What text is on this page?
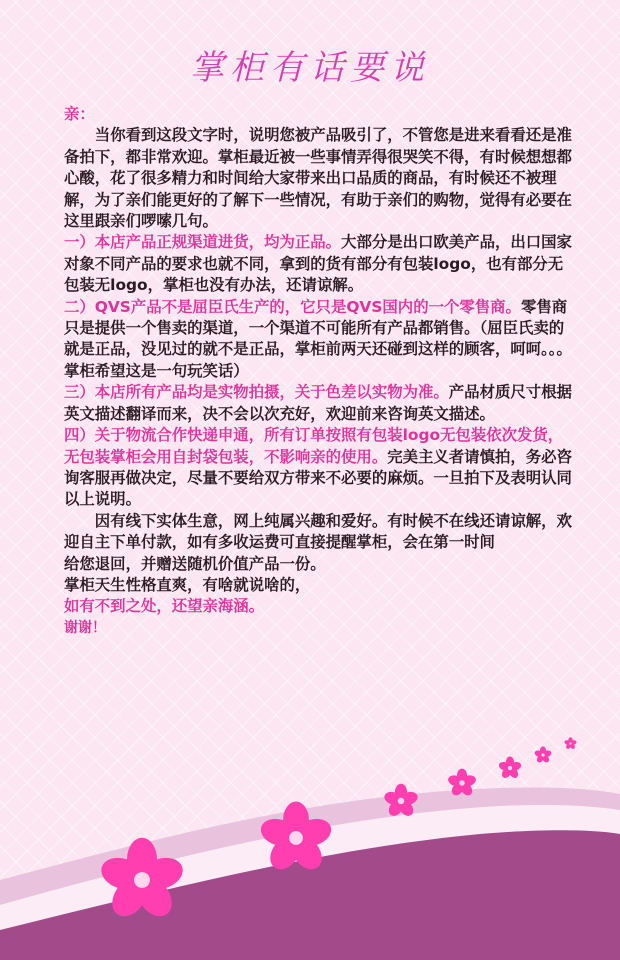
掌柜有话要说

亲：

当你看到这段文字时，说明您被产品吸引了，不管您是进来看看还是准备拍下，都非常欢迎。掌柜最近被一些事情弄得很哭笑不得，有时候想想都心酸，花了很多精力和时间给大家带来出口品质的商品，有时候还不被理解，为了亲们能更好的了解下一些情况，有助于亲们的购物，觉得有必要在这里跟亲们啰嗦几句。

一）本店产品正规渠道进货，均为正品。大部分是出口欧美产品，出口国家对象不同产品的要求也就不同，拿到的货有部分有包装logo，也有部分无包装无logo，掌柜也没有办法，还请谅解。

二）QVS产品不是屈臣氏生产的，它只是QVS国内的一个零售商。零售商只是提供一个售卖的渠道，一个渠道不可能所有产品都销售。（屈臣氏卖的就是正品，没见过的就不是正品，掌柜前两天还碰到这样的顾客，呵呵。。。掌柜希望这是一句玩笑话）

三）本店所有产品均是实物拍摄，关于色差以实物为准。产品材质尺寸根据英文描述翻译而来，决不会以次充好，欢迎前来咨询英文描述。

四）关于物流合作快递申通，所有订单按照有包装logo无包装依次发货，无包装掌柜会用自封袋包装，不影响亲的使用。完美主义者请慎拍，务必咨询客服再做决定，尽量不要给双方带来不必要的麻烦。一旦拍下及表明认同以上说明。

因有线下实体生意，网上纯属兴趣和爱好。有时候不在线还请谅解，欢迎自主下单付款，如有多收运费可直接提醒掌柜，会在第一时间

给您退回，并赠送随机价值产品一份。

掌柜天生性格直爽，有啥就说啥的，

如有不到之处，还望亲海涵。

谢谢！
